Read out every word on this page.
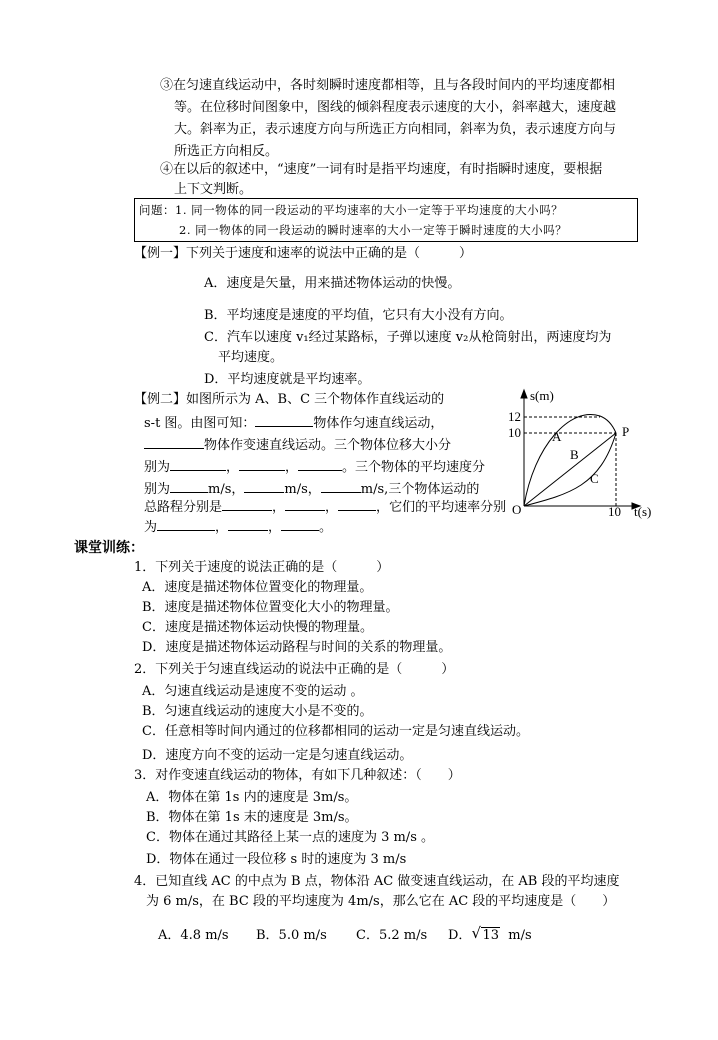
③在匀速直线运动中，各时刻瞬时速度都相等，且与各段时间内的平均速度都相
等。在位移时间图象中，图线的倾斜程度表示速度的大小，斜率越大，速度越
大。斜率为正，表示速度方向与所选正方向相同，斜率为负，表示速度方向与
所选正方向相反。
④在以后的叙述中，“速度”一词有时是指平均速度，有时指瞬时速度，要根据
上下文判断。
问题：1. 同一物体的同一段运动的平均速率的大小一定等于平均速度的大小吗？
2. 同一物体的同一段运动的瞬时速率的大小一定等于瞬时速度的大小吗？
【例一】下列关于速度和速率的说法中正确的是（　　　）
A．速度是矢量，用来描述物体运动的快慢。
B．平均速度是速度的平均值，它只有大小没有方向。
C．汽车以速度 v₁经过某路标，子弹以速度 v₂从枪筒射出，两速度均为
平均速度。
D．平均速度就是平均速率。
【例二】如图所示为 A、B、C 三个物体作直线运动的
s-t 图。由图可知：	物体作匀速直线运动，
物体作变速直线运动。三个物体位移大小分
别为	，	，	。三个物体的平均速度分
别为	m/s，	m/s，	m/s,三个物体运动的
总路程分别是	，	，	，它们的平均速率分别
为	，	，	。
s(m)
12
10 A
B
C
P
O	10 t(s)
课堂训练：
1．下列关于速度的说法正确的是（　　　）
A．速度是描述物体位置变化的物理量。
B．速度是描述物体位置变化大小的物理量。
C．速度是描述物体运动快慢的物理量。
D．速度是描述物体运动路程与时间的关系的物理量。
2．下列关于匀速直线运动的说法中正确的是（　　　）
A．匀速直线运动是速度不变的运动 。
B．匀速直线运动的速度大小是不变的。
C．任意相等时间内通过的位移都相同的运动一定是匀速直线运动。
D．速度方向不变的运动一定是匀速直线运动。
3．对作变速直线运动的物体，有如下几种叙述：（　　）
A．物体在第 1s 内的速度是 3m/s。
B．物体在第 1s 末的速度是 3m/s。
C．物体在通过其路径上某一点的速度为 3 m/s 。
D．物体在通过一段位移 s 时的速度为 3 m/s
4．已知直线 AC 的中点为 B 点，物体沿 AC 做变速直线运动，在 AB 段的平均速度
为 6 m/s，在 BC 段的平均速度为 4m/s，那么它在 AC 段的平均速度是（　　）
A．4.8 m/s B．5.0 m/s C．5.2 m/s D． √ 13 m/s
